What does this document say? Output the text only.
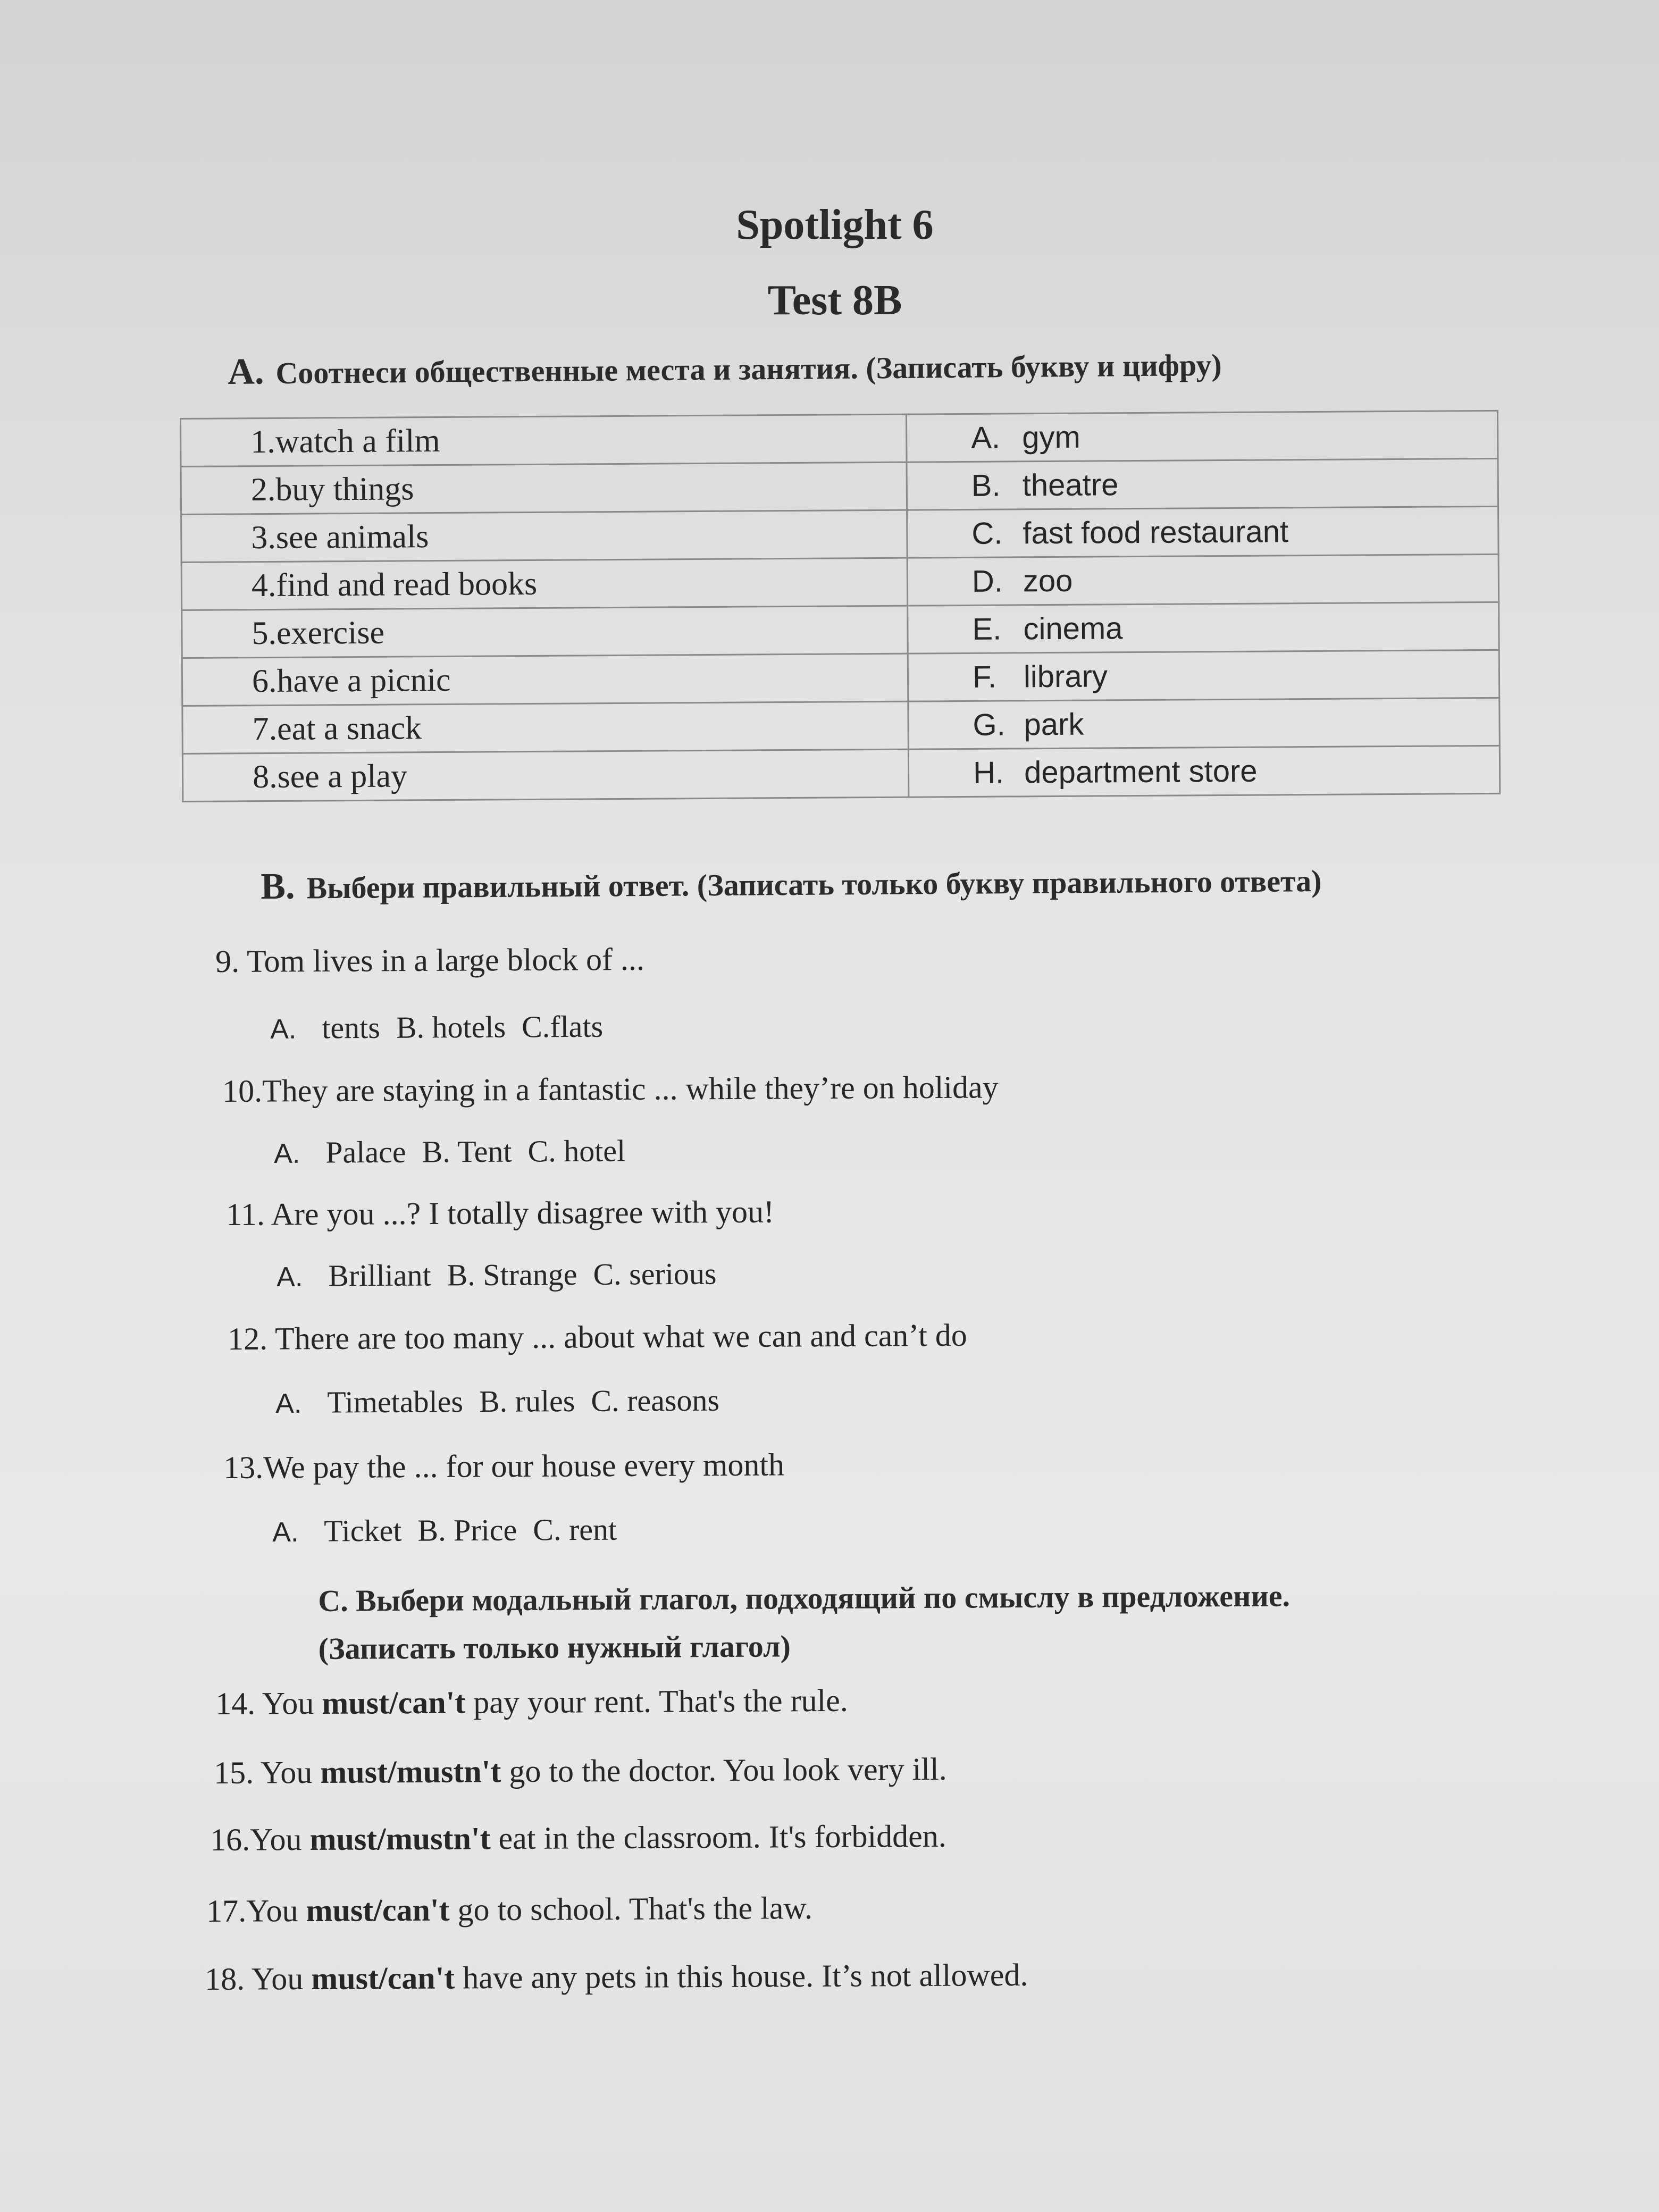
Spotlight 6
Test 8B
A. Соотнеси общественные места и занятия. (Записать букву и цифру)
1.watch a film	A. gym
2.buy things	B. theatre
3.see animals	C. fast food restaurant
4.find and read books	D. zoo
5.exercise	E. cinema
6.have a picnic	F. library
7.eat a snack	G. park
8.see a play	H. department store
B. Выбери правильный ответ. (Записать только букву правильного ответа)
9. Tom lives in a large block of ...
A. tents B. hotels C.flats
10.They are staying in a fantastic ... while they’re on holiday
A. Palace B. Tent C. hotel
11. Are you ...? I totally disagree with you!
A. Brilliant B. Strange C. serious
12. There are too many ... about what we can and can’t do
A. Timetables B. rules C. reasons
13.We pay the ... for our house every month
A. Ticket B. Price C. rent
C. Выбери модальный глагол, подходящий по смыслу в предложение.
(Записать только нужный глагол)
14. You must/can't pay your rent. That's the rule.
15. You must/mustn't go to the doctor. You look very ill.
16.You must/mustn't eat in the classroom. It's forbidden.
17.You must/can't go to school. That's the law.
18. You must/can't have any pets in this house. It’s not allowed.
